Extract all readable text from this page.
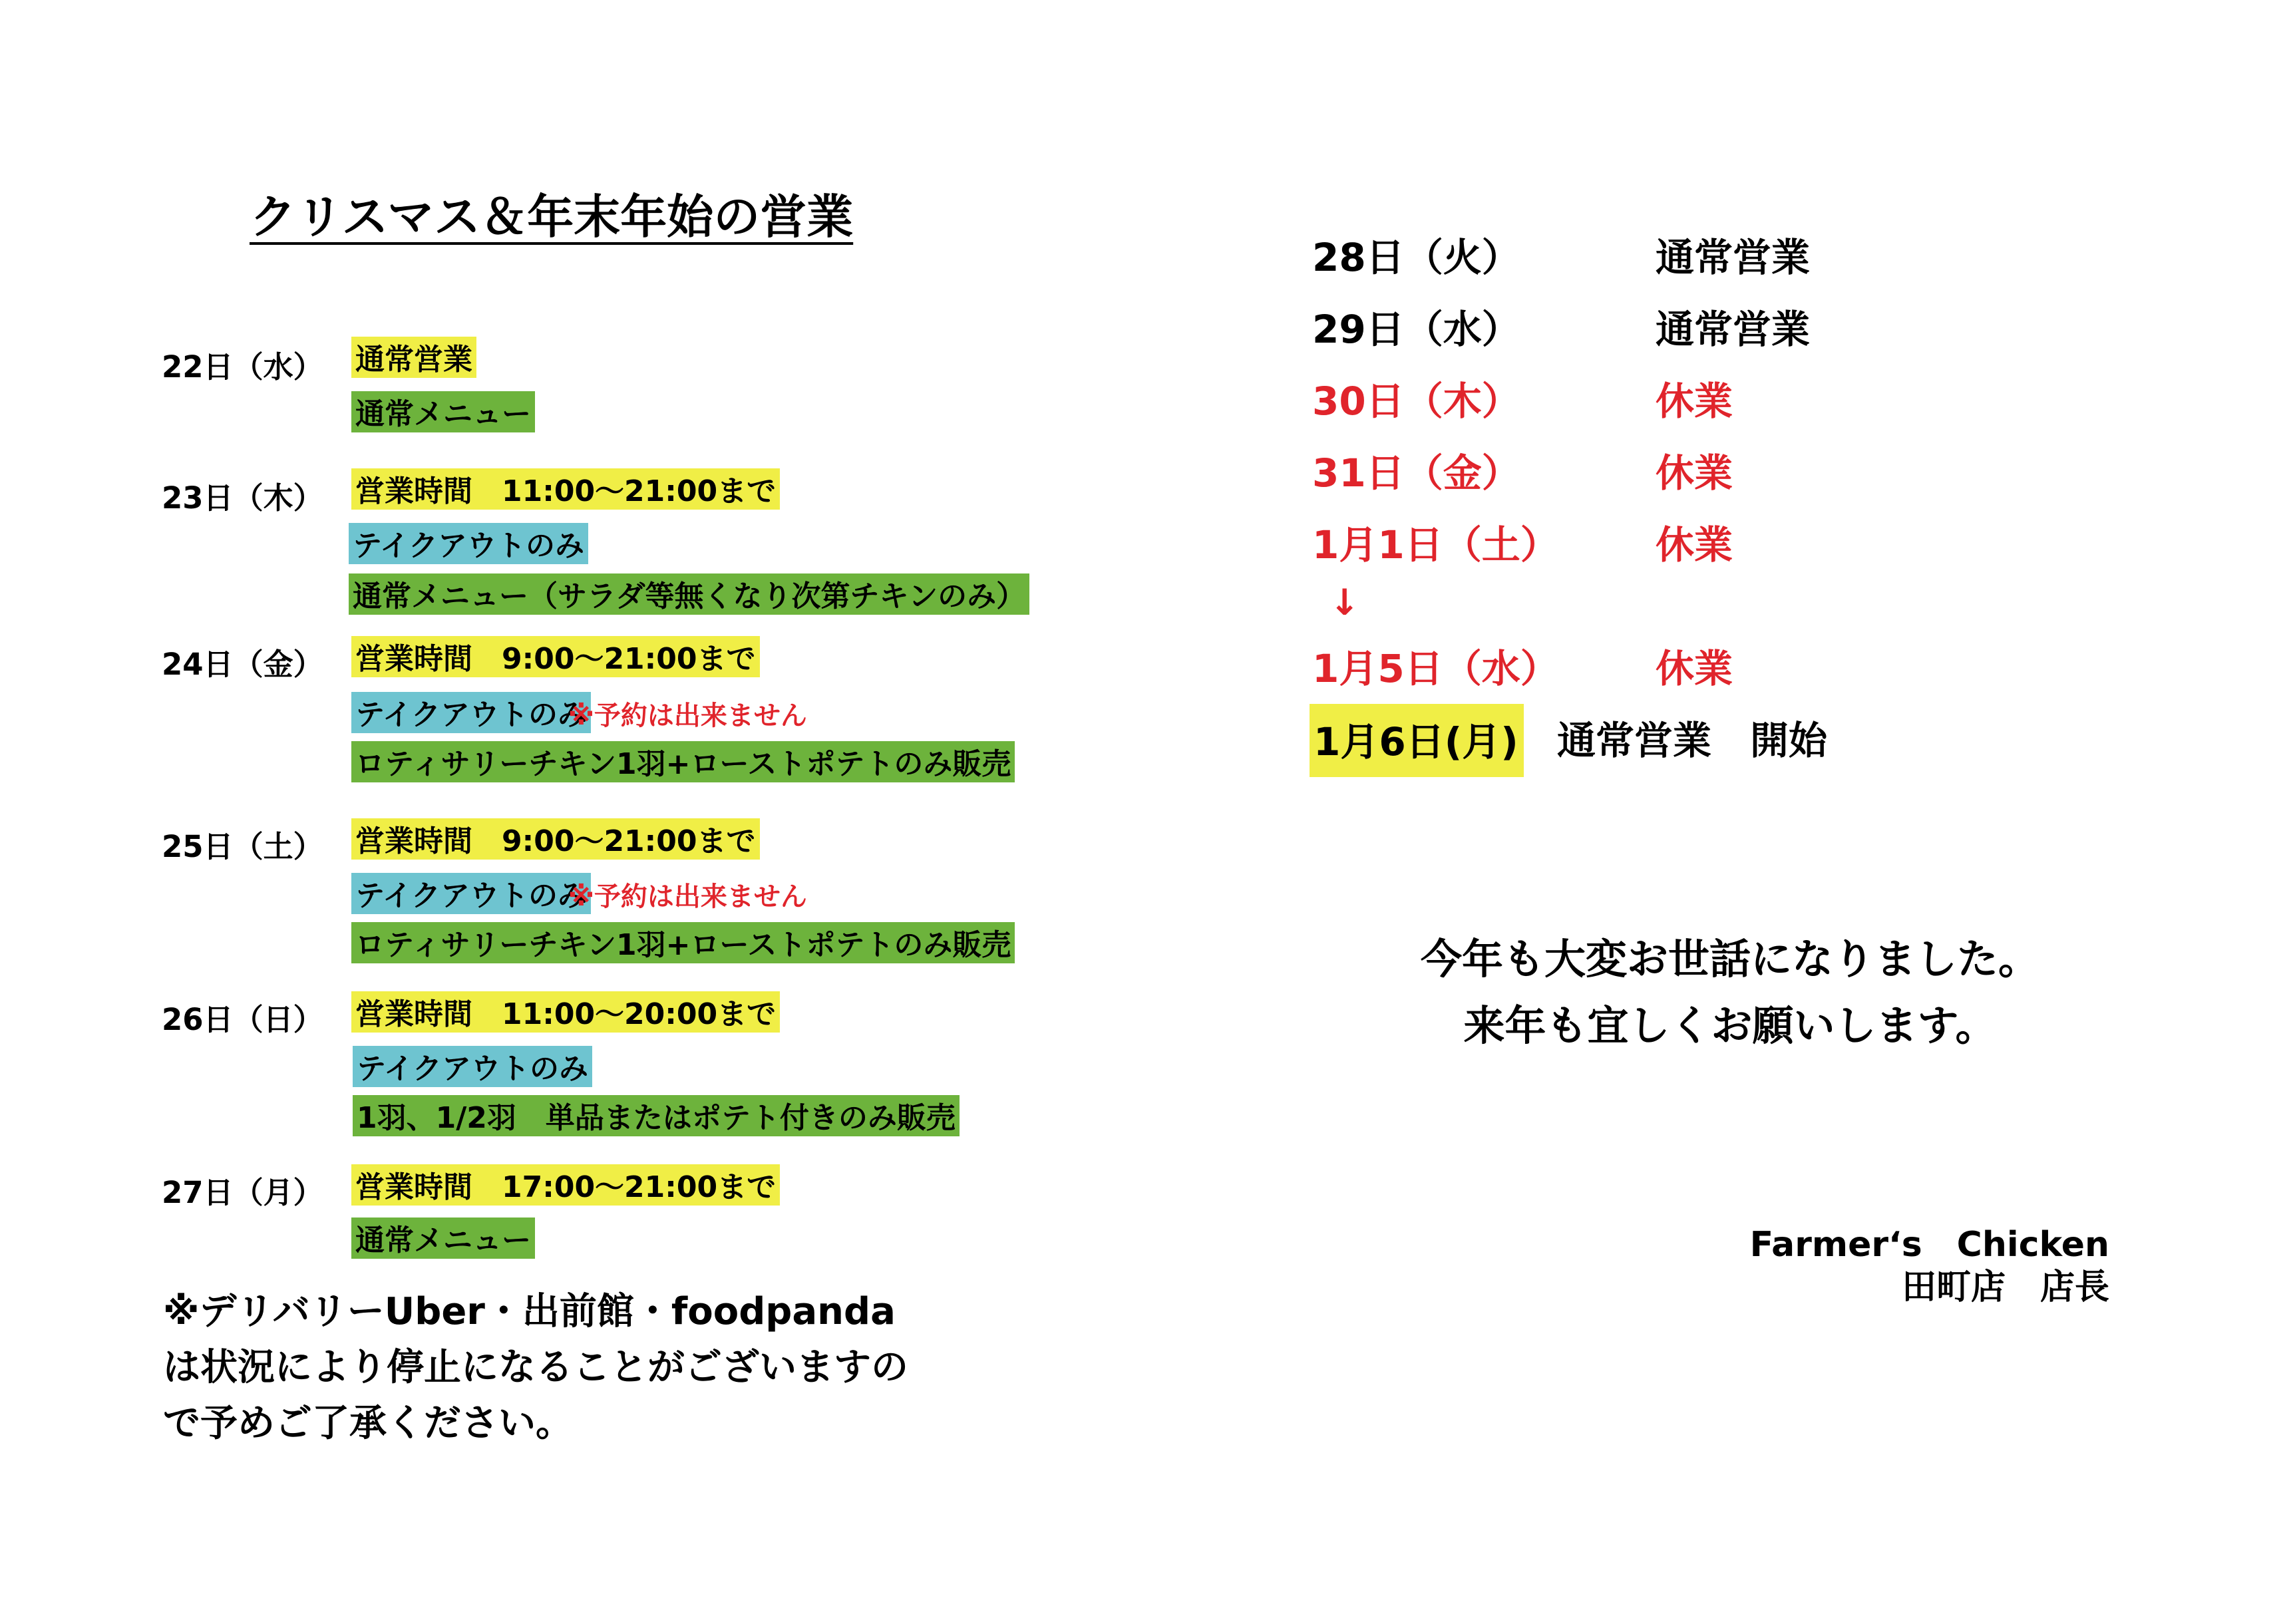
クリスマス＆年末年始の営業
22日（水） 通常営業
通常メニュー
23日（木） 営業時間　11:00〜21:00まで
テイクアウトのみ
通常メニュー（サラダ等無くなり次第チキンのみ）
24日（金） 営業時間　9:00〜21:00まで
テイクアウトのみ
※予約は出来ません
ロティサリーチキン1羽+ローストポテトのみ販売
25日（土） 営業時間　9:00〜21:00まで
テイクアウトのみ
※予約は出来ません
ロティサリーチキン1羽+ローストポテトのみ販売
26日（日） 営業時間　11:00〜20:00まで
テイクアウトのみ
1羽、1/2羽　単品またはポテト付きのみ販売
27日（月） 営業時間　17:00〜21:00まで
通常メニュー
※デリバリーUber・出前館・foodpanda
は状況により停止になることがございますの
で予めご了承ください。
28日（火）	通常営業
29日（水）	通常営業
30日（木）	休業
31日（金）	休業
1月1日（土）	休業
↓
1月5日（水）	休業
1月6日(月) 通常営業　開始
今年も大変お世話になりました。
来年も宜しくお願いします。
Farmer‘s　Chicken
田町店　店長
